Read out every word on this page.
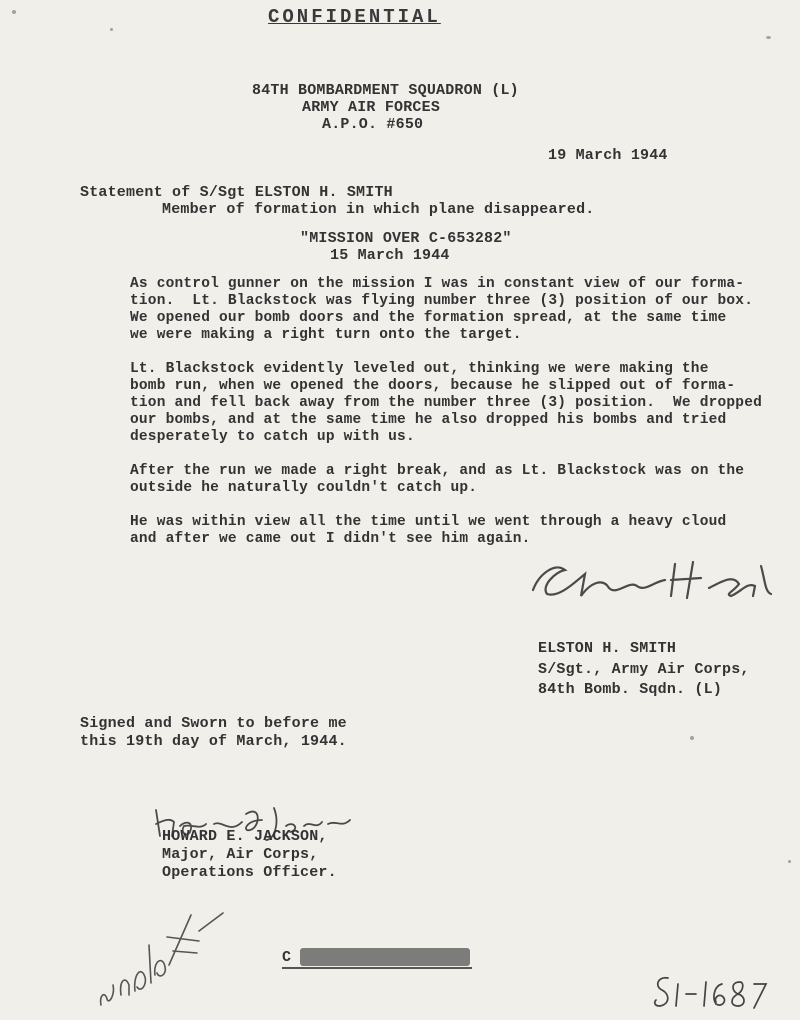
CONFIDENTIAL
84TH BOMBARDMENT SQUADRON (L)
ARMY AIR FORCES
A.P.O. #650
19 March 1944
Statement of S/Sgt ELSTON H. SMITH
Member of formation in which plane disappeared.
"MISSION OVER C-653282"
15 March 1944
As control gunner on the mission I was in constant view of our forma-
tion.  Lt. Blackstock was flying number three (3) position of our box.
We opened our bomb doors and the formation spread, at the same time
we were making a right turn onto the target.
Lt. Blackstock evidently leveled out, thinking we were making the
bomb run, when we opened the doors, because he slipped out of forma-
tion and fell back away from the number three (3) position.  We dropped
our bombs, and at the same time he also dropped his bombs and tried
desperately to catch up with us.
After the run we made a right break, and as Lt. Blackstock was on the
outside he naturally couldn't catch up.
He was within view all the time until we went through a heavy cloud
and after we came out I didn't see him again.
ELSTON H. SMITH
S/Sgt., Army Air Corps,
84th Bomb. Sqdn. (L)
Signed and Sworn to before me
this 19th day of March, 1944.
HOWARD E. JACKSON,
Major, Air Corps,
Operations Officer.
C
